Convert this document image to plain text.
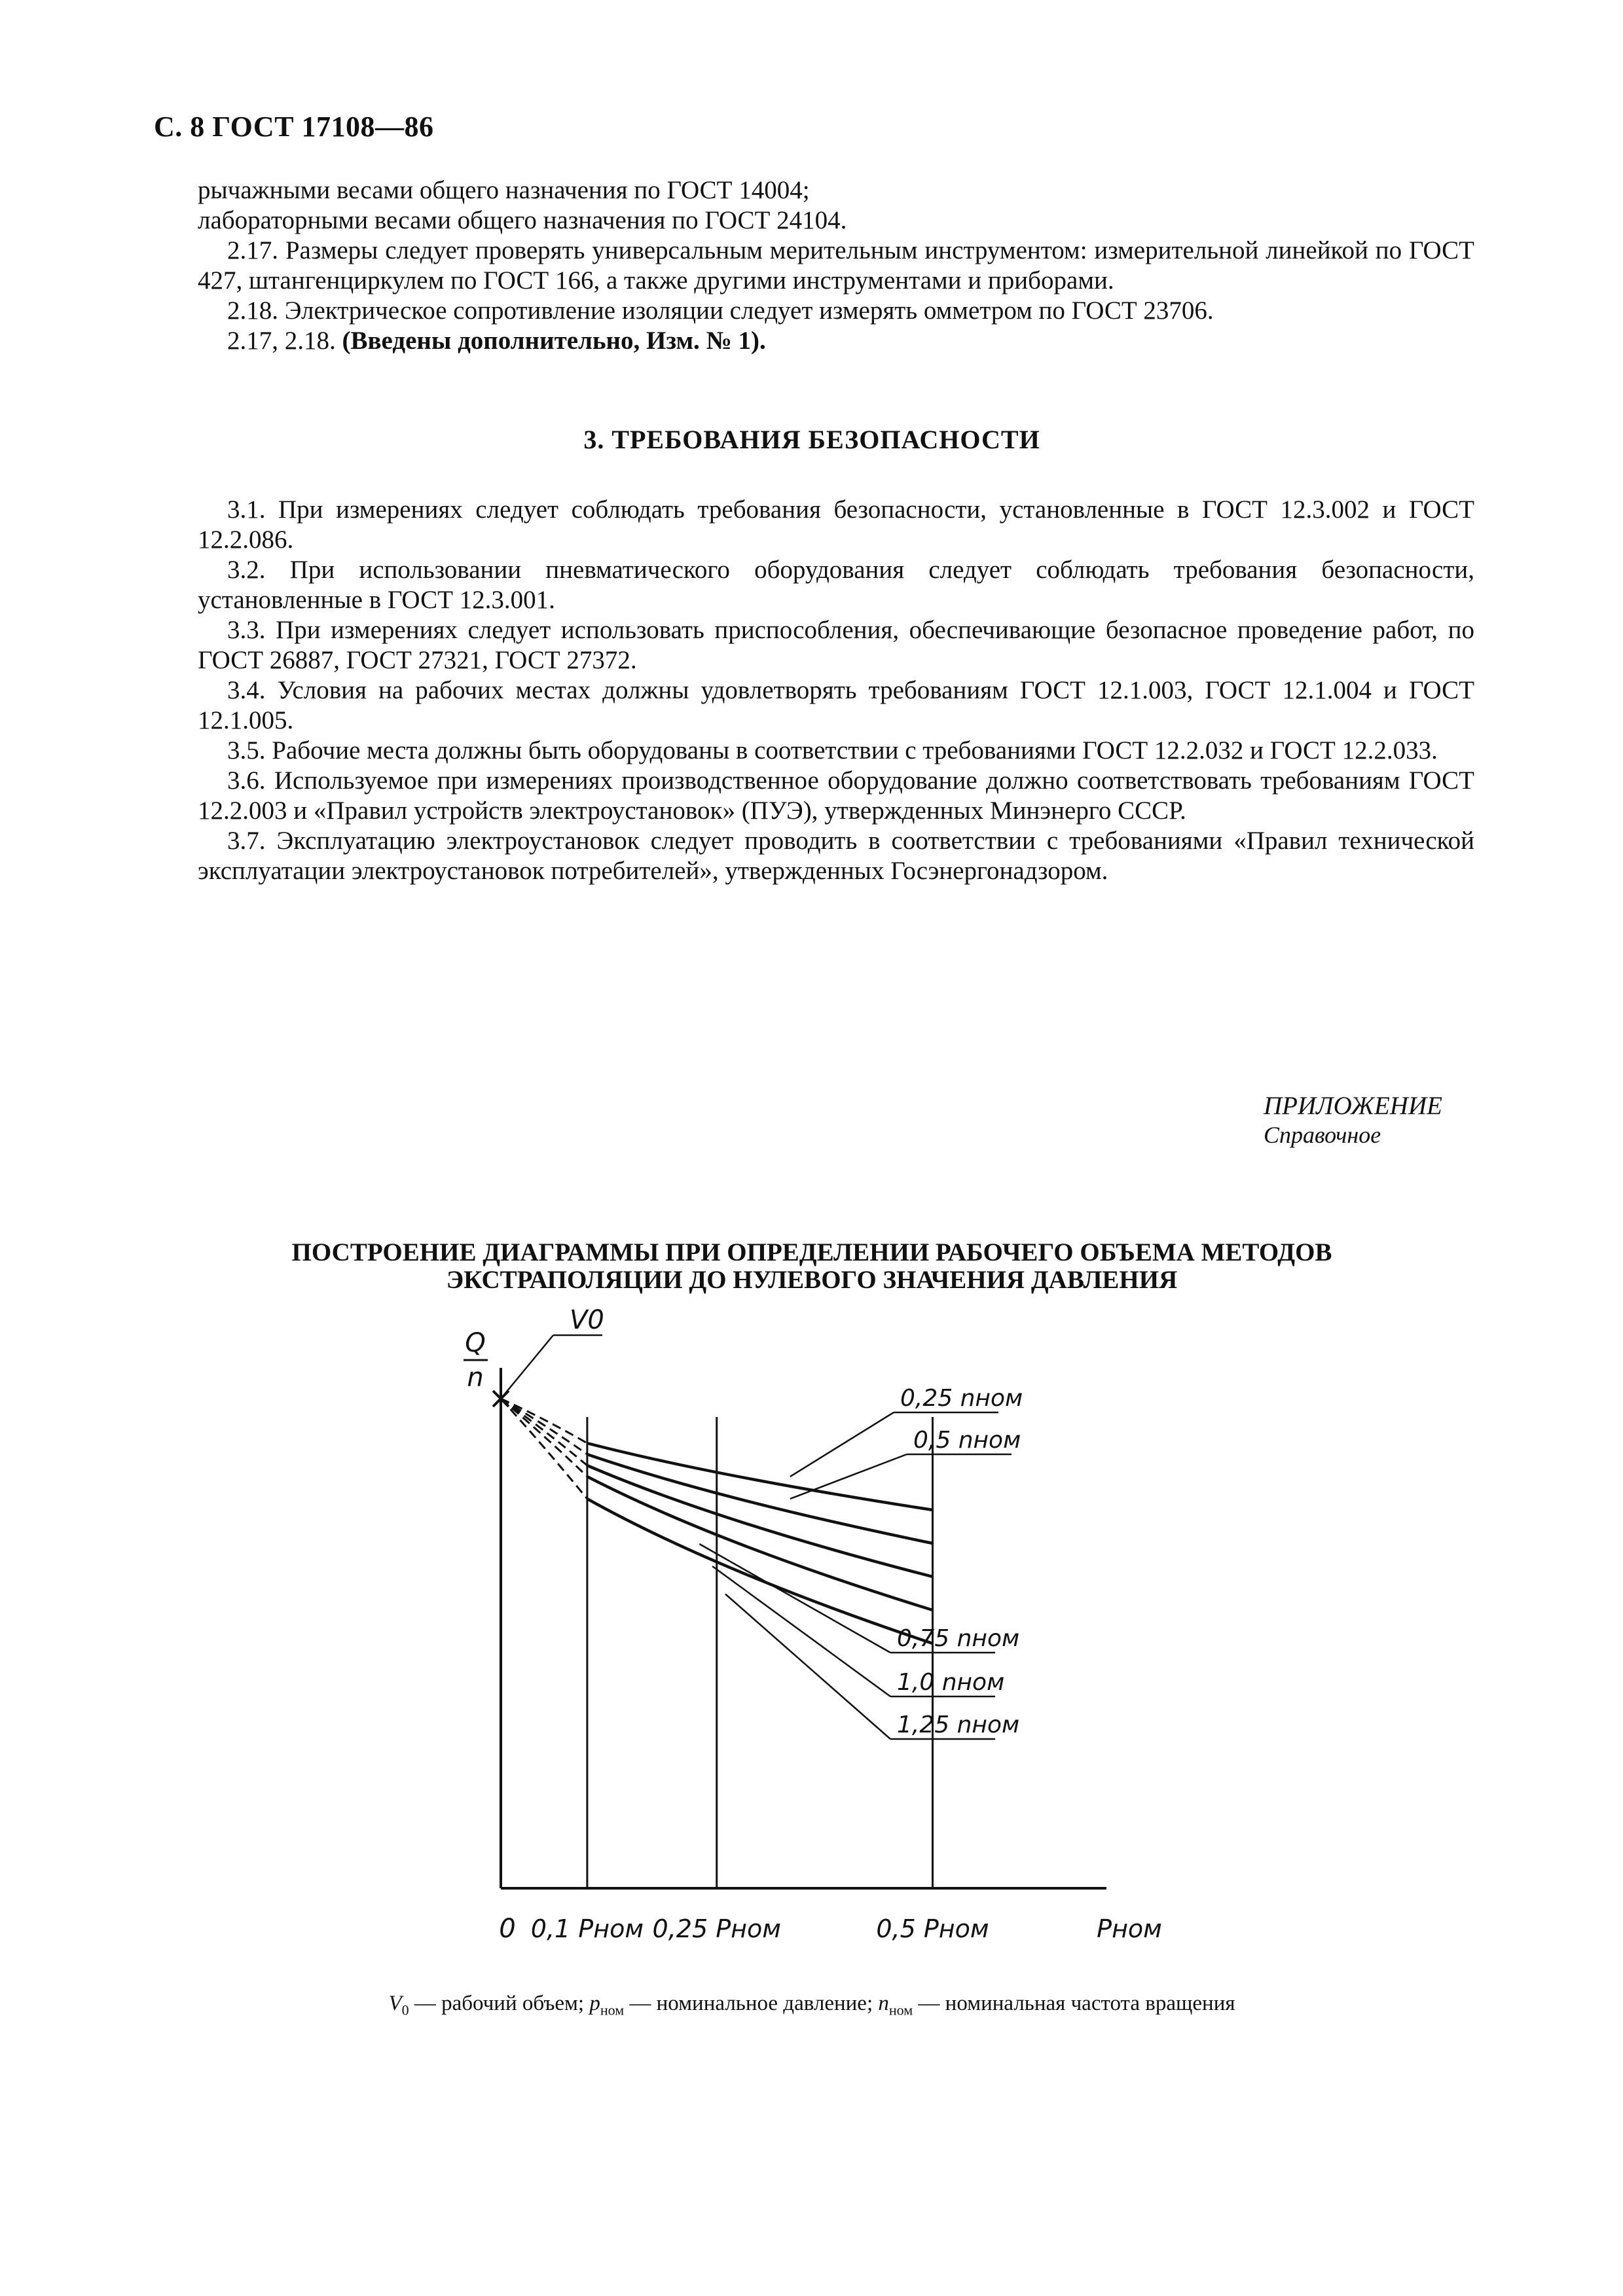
С. 8 ГОСТ 17108—86

рычажными весами общего назначения по ГОСТ 14004;

лабораторными весами общего назначения по ГОСТ 24104.

2.17. Размеры следует проверять универсальным мерительным инструментом: измерительной линейкой по ГОСТ 427, штангенциркулем по ГОСТ 166, а также другими инструментами и приборами.

2.18. Электрическое сопротивление изоляции следует измерять омметром по ГОСТ 23706.

2.17, 2.18. (Введены дополнительно, Изм. № 1).

3. ТРЕБОВАНИЯ БЕЗОПАСНОСТИ

3.1. При измерениях следует соблюдать требования безопасности, установленные в ГОСТ 12.3.002 и ГОСТ 12.2.086.

3.2. При использовании пневматического оборудования следует соблюдать требования безопасности, установленные в ГОСТ 12.3.001.

3.3. При измерениях следует использовать приспособления, обеспечивающие безопасное проведение работ, по ГОСТ 26887, ГОСТ 27321, ГОСТ 27372.

3.4. Условия на рабочих местах должны удовлетворять требованиям ГОСТ 12.1.003, ГОСТ 12.1.004 и ГОСТ 12.1.005.

3.5. Рабочие места должны быть оборудованы в соответствии с требованиями ГОСТ 12.2.032 и ГОСТ 12.2.033.

3.6. Используемое при измерениях производственное оборудование должно соответствовать требованиям ГОСТ 12.2.003 и «Правил устройств электроустановок» (ПУЭ), утвержденных Минэнерго СССР.

3.7. Эксплуатацию электроустановок следует проводить в соответствии с требованиями «Правил технической эксплуатации электроустановок потребителей», утвержденных Госэнергонадзором.

ПРИЛОЖЕНИЕ
Справочное
ПОСТРОЕНИЕ ДИАГРАММЫ ПРИ ОПРЕДЕЛЕНИИ РАБОЧЕГО ОБЪЕМА МЕТОДОВ
ЭКСТРАПОЛЯЦИИ ДО НУЛЕВОГО ЗНАЧЕНИЯ ДАВЛЕНИЯ
V0
Q
n
0,25 nном
0,5 nном
0,75 nном
1,0 nном
1,25 nном
0 0,1 Pном 0,25 Pном	0,5 Pном	Pном
$V_0$ — рабочий объем; $p_{ном}$ — номинальное давление; $n_{ном}$ — номинальная частота вращения
